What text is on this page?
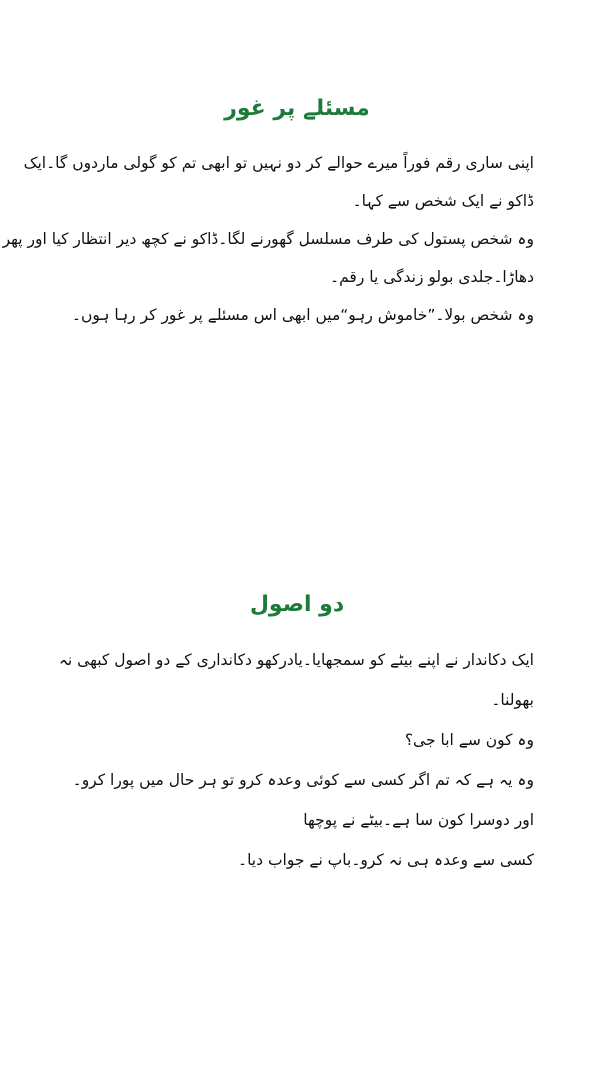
مسئلے پر غور

اپنی ساری رقم فوراً میرے حوالے کر دو نہیں تو ابھی تم کو گولی ماردوں گا۔ایک

ڈاکو نے ایک شخص سے کہا۔

وہ شخص پستول کی طرف مسلسل گھورنے لگا۔ڈاکو نے کچھ دیر انتظار کیا اور پھر

دھاڑا۔جلدی بولو زندگی یا رقم۔

وہ شخص بولا۔”خاموش رہو“میں ابھی اس مسئلے پر غور کر رہا ہوں۔

دو اصول

ایک دکاندار نے اپنے بیٹے کو سمجھایا۔یادرکھو دکانداری کے دو اصول کبھی نہ

بھولنا۔

وہ کون سے ابا جی؟

وہ یہ ہے کہ تم اگر کسی سے کوئی وعدہ کرو تو ہر حال میں پورا کرو۔

اور دوسرا کون سا ہے۔بیٹے نے پوچھا

کسی سے وعدہ ہی نہ کرو۔باپ نے جواب دیا۔
